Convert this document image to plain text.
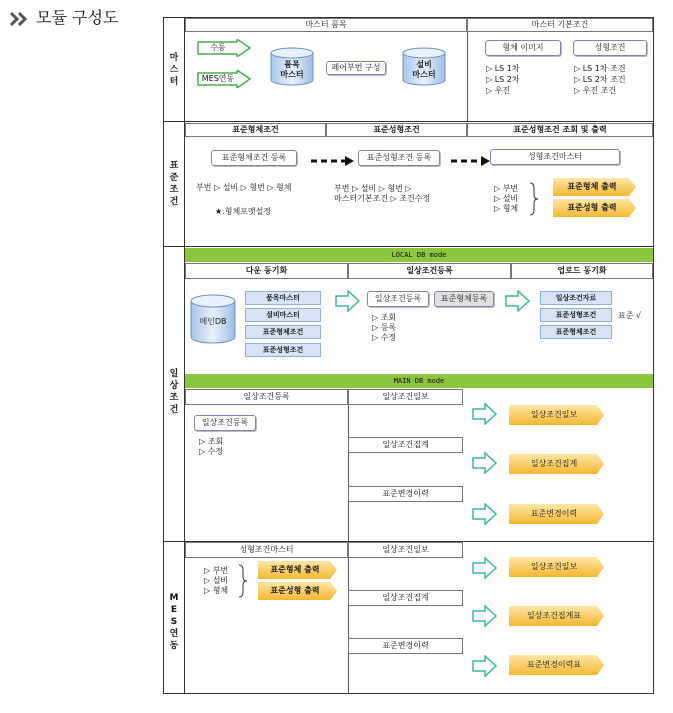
모듈 구성도
마스터
표준조건
일상조건
MES 연동
마스터 품목	마스터 기본조건
수동
MES연동
품목
마스터
페어부번 구성	설비
마스터
형체 이미지	성형조건
▷ LS 1차
▷ LS 2차
▷ 우진
▷ LS 1차 조건
▷ LS 2차 조건
▷ 우진 조건
표준형체조건	표준성형조건	표준성형조건 조회 및 출력
표준형체조건 등록	표준성형조건 등록	성형조건마스터
부번 ▷ 설비 ▷ 형번 ▷ 형체	부번 ▷ 설비 ▷ 형번 ▷
마스터기본조건 ▷ 조건수정
★.형체포맷설정
▷ 부번
▷ 설비
▷ 형체
표준형체 출력
표준성형 출력
LOCAL DB mode
다운 동기화	일상조건등록	업로드 동기화
메인DB
품목마스터
설비마스터
표준형체조건
표준성형조건
일상조건등록	표준형체등록
▷ 조회
▷ 등록
▷ 수정
일상조건자료
표준성형조건
표준형체조건
표준 √
MAIN DB mode
일상조건등록	일상조건일보
일상조건등록
▷ 조회
▷ 수정
일상조건집계
표준변경이력
일상조건일보
일상조건집계
표준변경이력
성형조건마스터	일상조건일보
▷ 부번
▷ 설비
▷ 형체
표준형체 출력
표준성형 출력
일상조건집계
표준변경이력
일상조건일보
일상조건집계표
표준변경이력표
